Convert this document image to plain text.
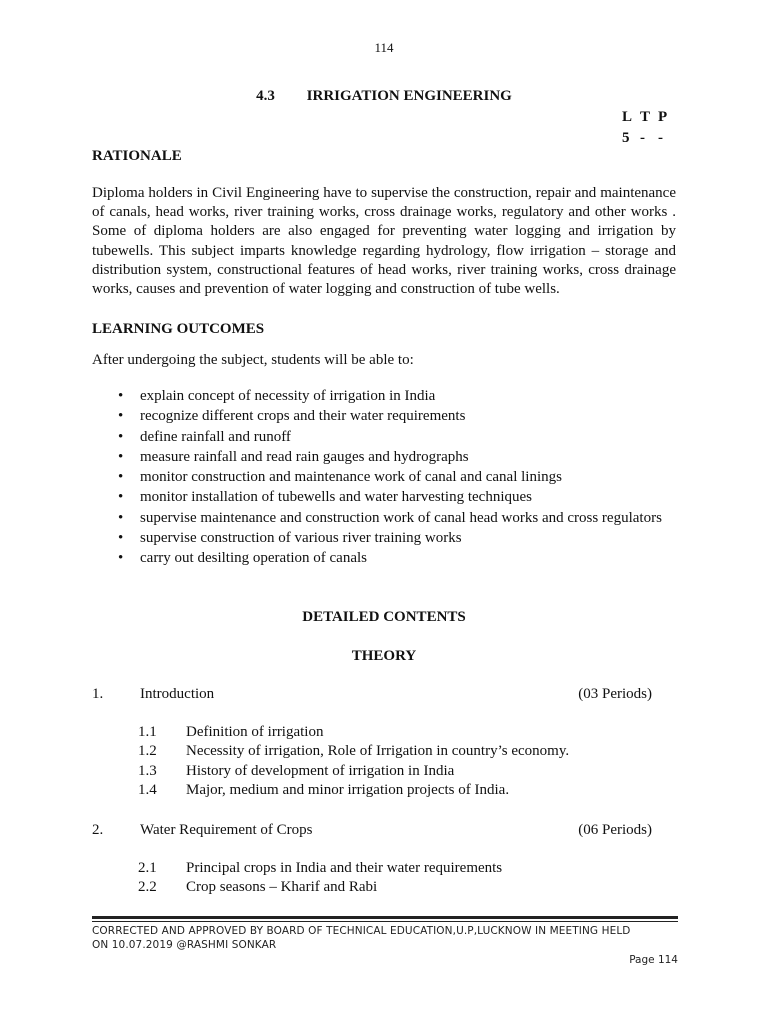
114
4.3 IRRIGATION ENGINEERING
L T P
5 - -
RATIONALE
Diploma holders in Civil Engineering have to supervise the construction, repair and maintenance of canals, head works, river training works, cross drainage works, regulatory and other works . Some of diploma holders are also engaged for preventing water logging and irrigation by tubewells. This subject imparts knowledge regarding hydrology, flow irrigation – storage and distribution system, constructional features of head works, river training works, cross drainage works, causes and prevention of water logging and construction of tube wells.
LEARNING OUTCOMES
After undergoing the subject, students will be able to:
• explain concept of necessity of irrigation in India
• recognize different crops and their water requirements
• define rainfall and runoff
• measure rainfall and read rain gauges and hydrographs
• monitor construction and maintenance work of canal and canal linings
• monitor installation of tubewells and water harvesting techniques
• supervise maintenance and construction work of canal head works and cross regulators
• supervise construction of various river training works
• carry out desilting operation of canals
DETAILED CONTENTS
THEORY
1. Introduction	(03 Periods)
1.1 Definition of irrigation
1.2 Necessity of irrigation, Role of Irrigation in country’s economy.
1.3 History of development of irrigation in India
1.4 Major, medium and minor irrigation projects of India.
2. Water Requirement of Crops	(06 Periods)
2.1 Principal crops in India and their water requirements
2.2 Crop seasons – Kharif and Rabi
CORRECTED AND APPROVED BY BOARD OF TECHNICAL EDUCATION,U.P,LUCKNOW IN MEETING HELD
ON 10.07.2019 @RASHMI SONKAR
Page 114
